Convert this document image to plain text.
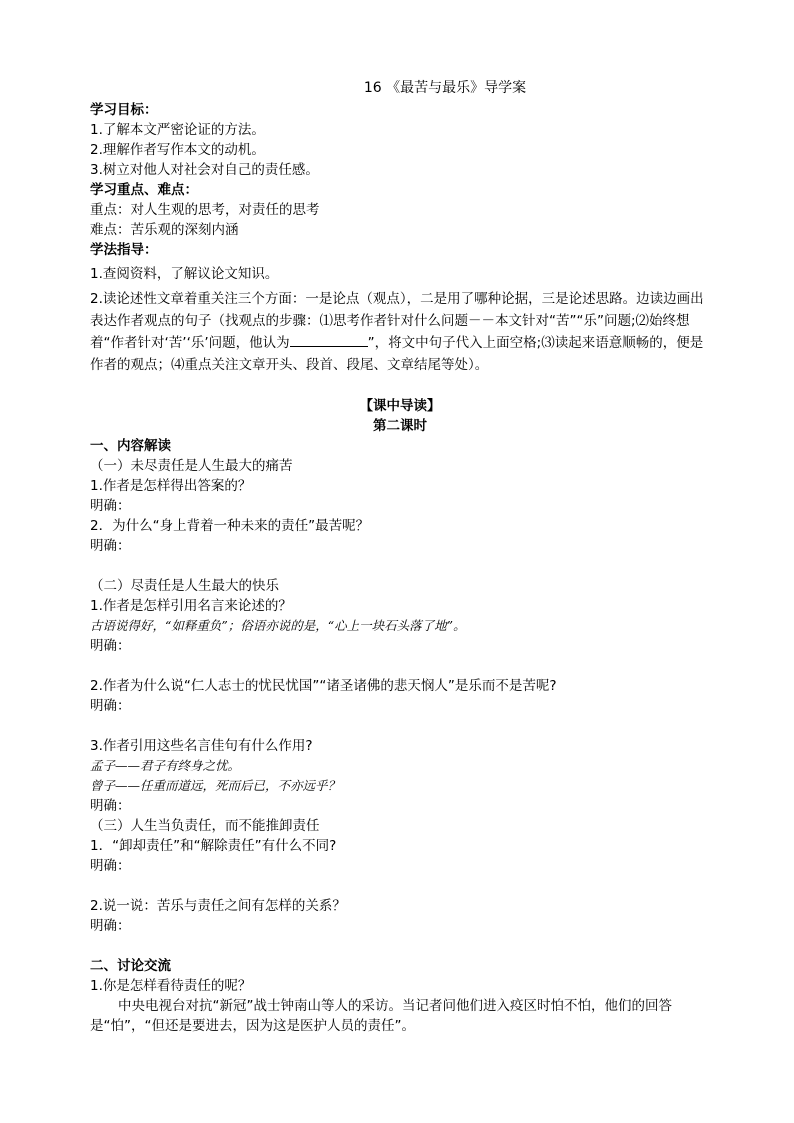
16 《最苦与最乐》导学案
学习目标：
1.了解本文严密论证的方法。
2.理解作者写作本文的动机。
3.树立对他人对社会对自己的责任感。
学习重点、难点：
重点：对人生观的思考，对责任的思考
难点：苦乐观的深刻内涵
学法指导：
1.查阅资料，了解议论文知识。
2.读论述性文章着重关注三个方面：一是论点（观点），二是用了哪种论据，三是论述思路。边读边画出表达作者观点的句子（找观点的步骤：⑴思考作者针对什么问题－－本文针对“苦”“乐”问题;⑵始终想着“作者针对‘苦’‘乐’问题，他认为	”，将文中句子代入上面空格;⑶读起来语意顺畅的，便是作者的观点；⑷重点关注文章开头、段首、段尾、文章结尾等处）。
【课中导读】
第二课时
一、内容解读
（一）未尽责任是人生最大的痛苦
1.作者是怎样得出答案的？
明确：
2．为什么“身上背着一种未来的责任”最苦呢？
明确：
（二）尽责任是人生最大的快乐
1.作者是怎样引用名言来论述的？
古语说得好，“如释重负”；俗语亦说的是，“心上一块石头落了地”。
明确：
2.作者为什么说“仁人志士的忧民忧国”“诸圣诸佛的悲天悯人”是乐而不是苦呢?
明确：
3.作者引用这些名言佳句有什么作用?
孟子——君子有终身之忧。
曾子——任重而道远，死而后已，不亦远乎？
明确：
（三）人生当负责任，而不能推卸责任
1．“卸却责任”和“解除责任”有什么不同?
明确：
2.说一说：苦乐与责任之间有怎样的关系？
明确：
二、讨论交流
1.你是怎样看待责任的呢？
中央电视台对抗“新冠”战士钟南山等人的采访。当记者问他们进入疫区时怕不怕，他们的回答
是“怕”，“但还是要进去，因为这是医护人员的责任”。
